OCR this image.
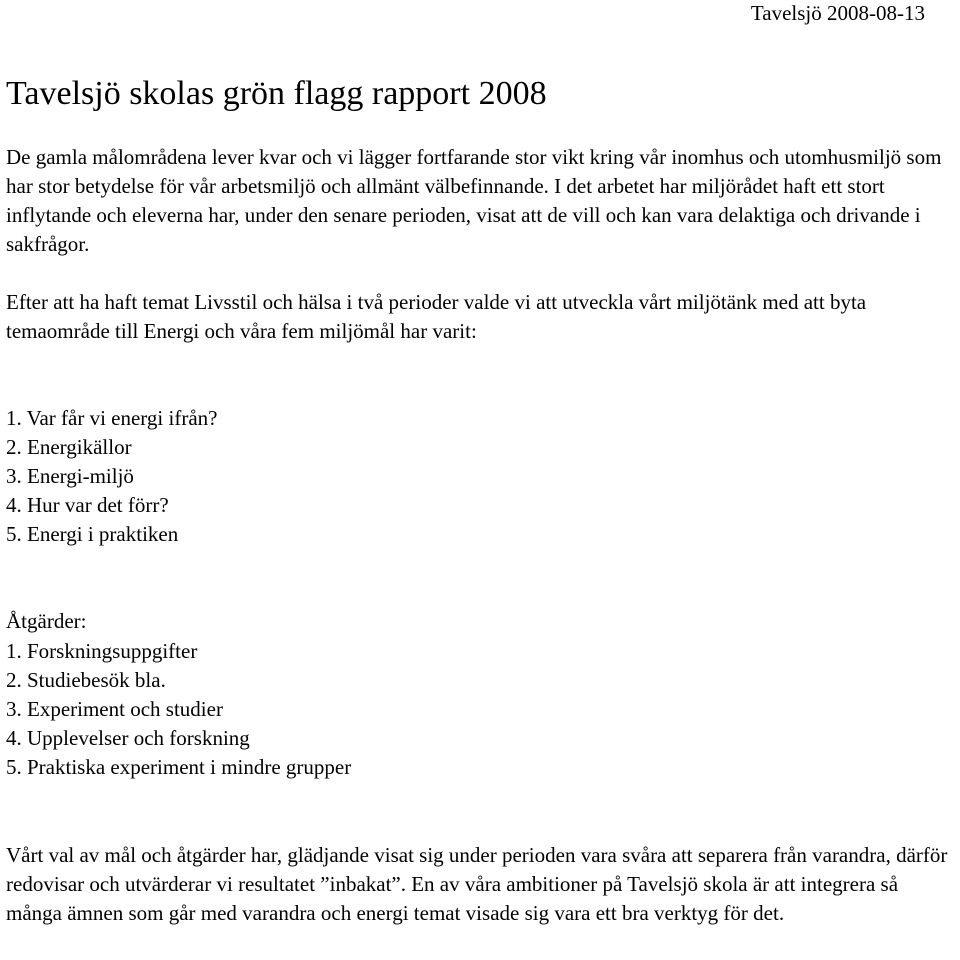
Tavelsjö 2008-08-13
Tavelsjö skolas grön flagg rapport 2008

De gamla målområdena lever kvar och vi lägger fortfarande stor vikt kring vår inomhus och utomhusmiljö som har stor betydelse för vår arbetsmiljö och allmänt välbefinnande. I det arbetet har miljörådet haft ett stort inflytande och eleverna har, under den senare perioden, visat att de vill och kan vara delaktiga och drivande i sakfrågor.

Efter att ha haft temat Livsstil och hälsa i två perioder valde vi att utveckla vårt miljötänk med att byta temaområde till Energi och våra fem miljömål har varit:

1. Var får vi energi ifrån?
2. Energikällor
3. Energi-miljö
4. Hur var det förr?
5. Energi i praktiken

Åtgärder:

1. Forskningsuppgifter
2. Studiebesök bla.
3. Experiment och studier
4. Upplevelser och forskning
5. Praktiska experiment i mindre grupper

Vårt val av mål och åtgärder har, glädjande visat sig under perioden vara svåra att separera från varandra, därför redovisar och utvärderar vi resultatet ”inbakat”. En av våra ambitioner på Tavelsjö skola är att integrera så många ämnen som går med varandra och energi temat visade sig vara ett bra verktyg för det.
